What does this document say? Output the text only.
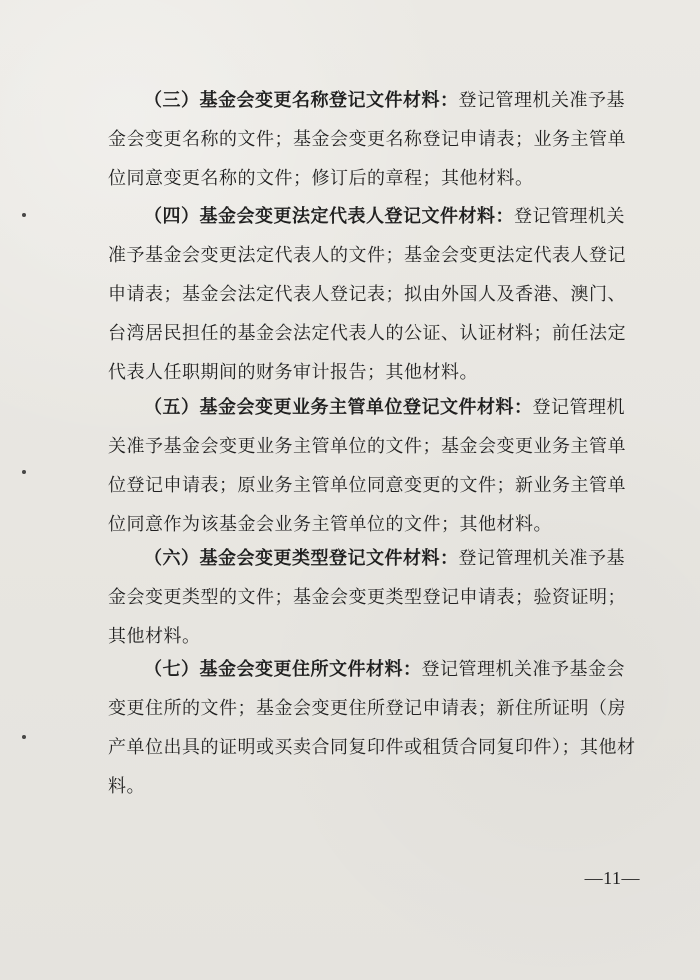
（三）基金会变更名称登记文件材料：登记管理机关准予基金会变更名称的文件；基金会变更名称登记申请表；业务主管单位同意变更名称的文件；修订后的章程；其他材料。

（四）基金会变更法定代表人登记文件材料：登记管理机关准予基金会变更法定代表人的文件；基金会变更法定代表人登记申请表；基金会法定代表人登记表；拟由外国人及香港、澳门、台湾居民担任的基金会法定代表人的公证、认证材料；前任法定代表人任职期间的财务审计报告；其他材料。

（五）基金会变更业务主管单位登记文件材料：登记管理机关准予基金会变更业务主管单位的文件；基金会变更业务主管单位登记申请表；原业务主管单位同意变更的文件；新业务主管单位同意作为该基金会业务主管单位的文件；其他材料。

（六）基金会变更类型登记文件材料：登记管理机关准予基金会变更类型的文件；基金会变更类型登记申请表；验资证明；其他材料。

（七）基金会变更住所文件材料：登记管理机关准予基金会变更住所的文件；基金会变更住所登记申请表；新住所证明（房产单位出具的证明或买卖合同复印件或租赁合同复印件）；其他材料。

—11—
